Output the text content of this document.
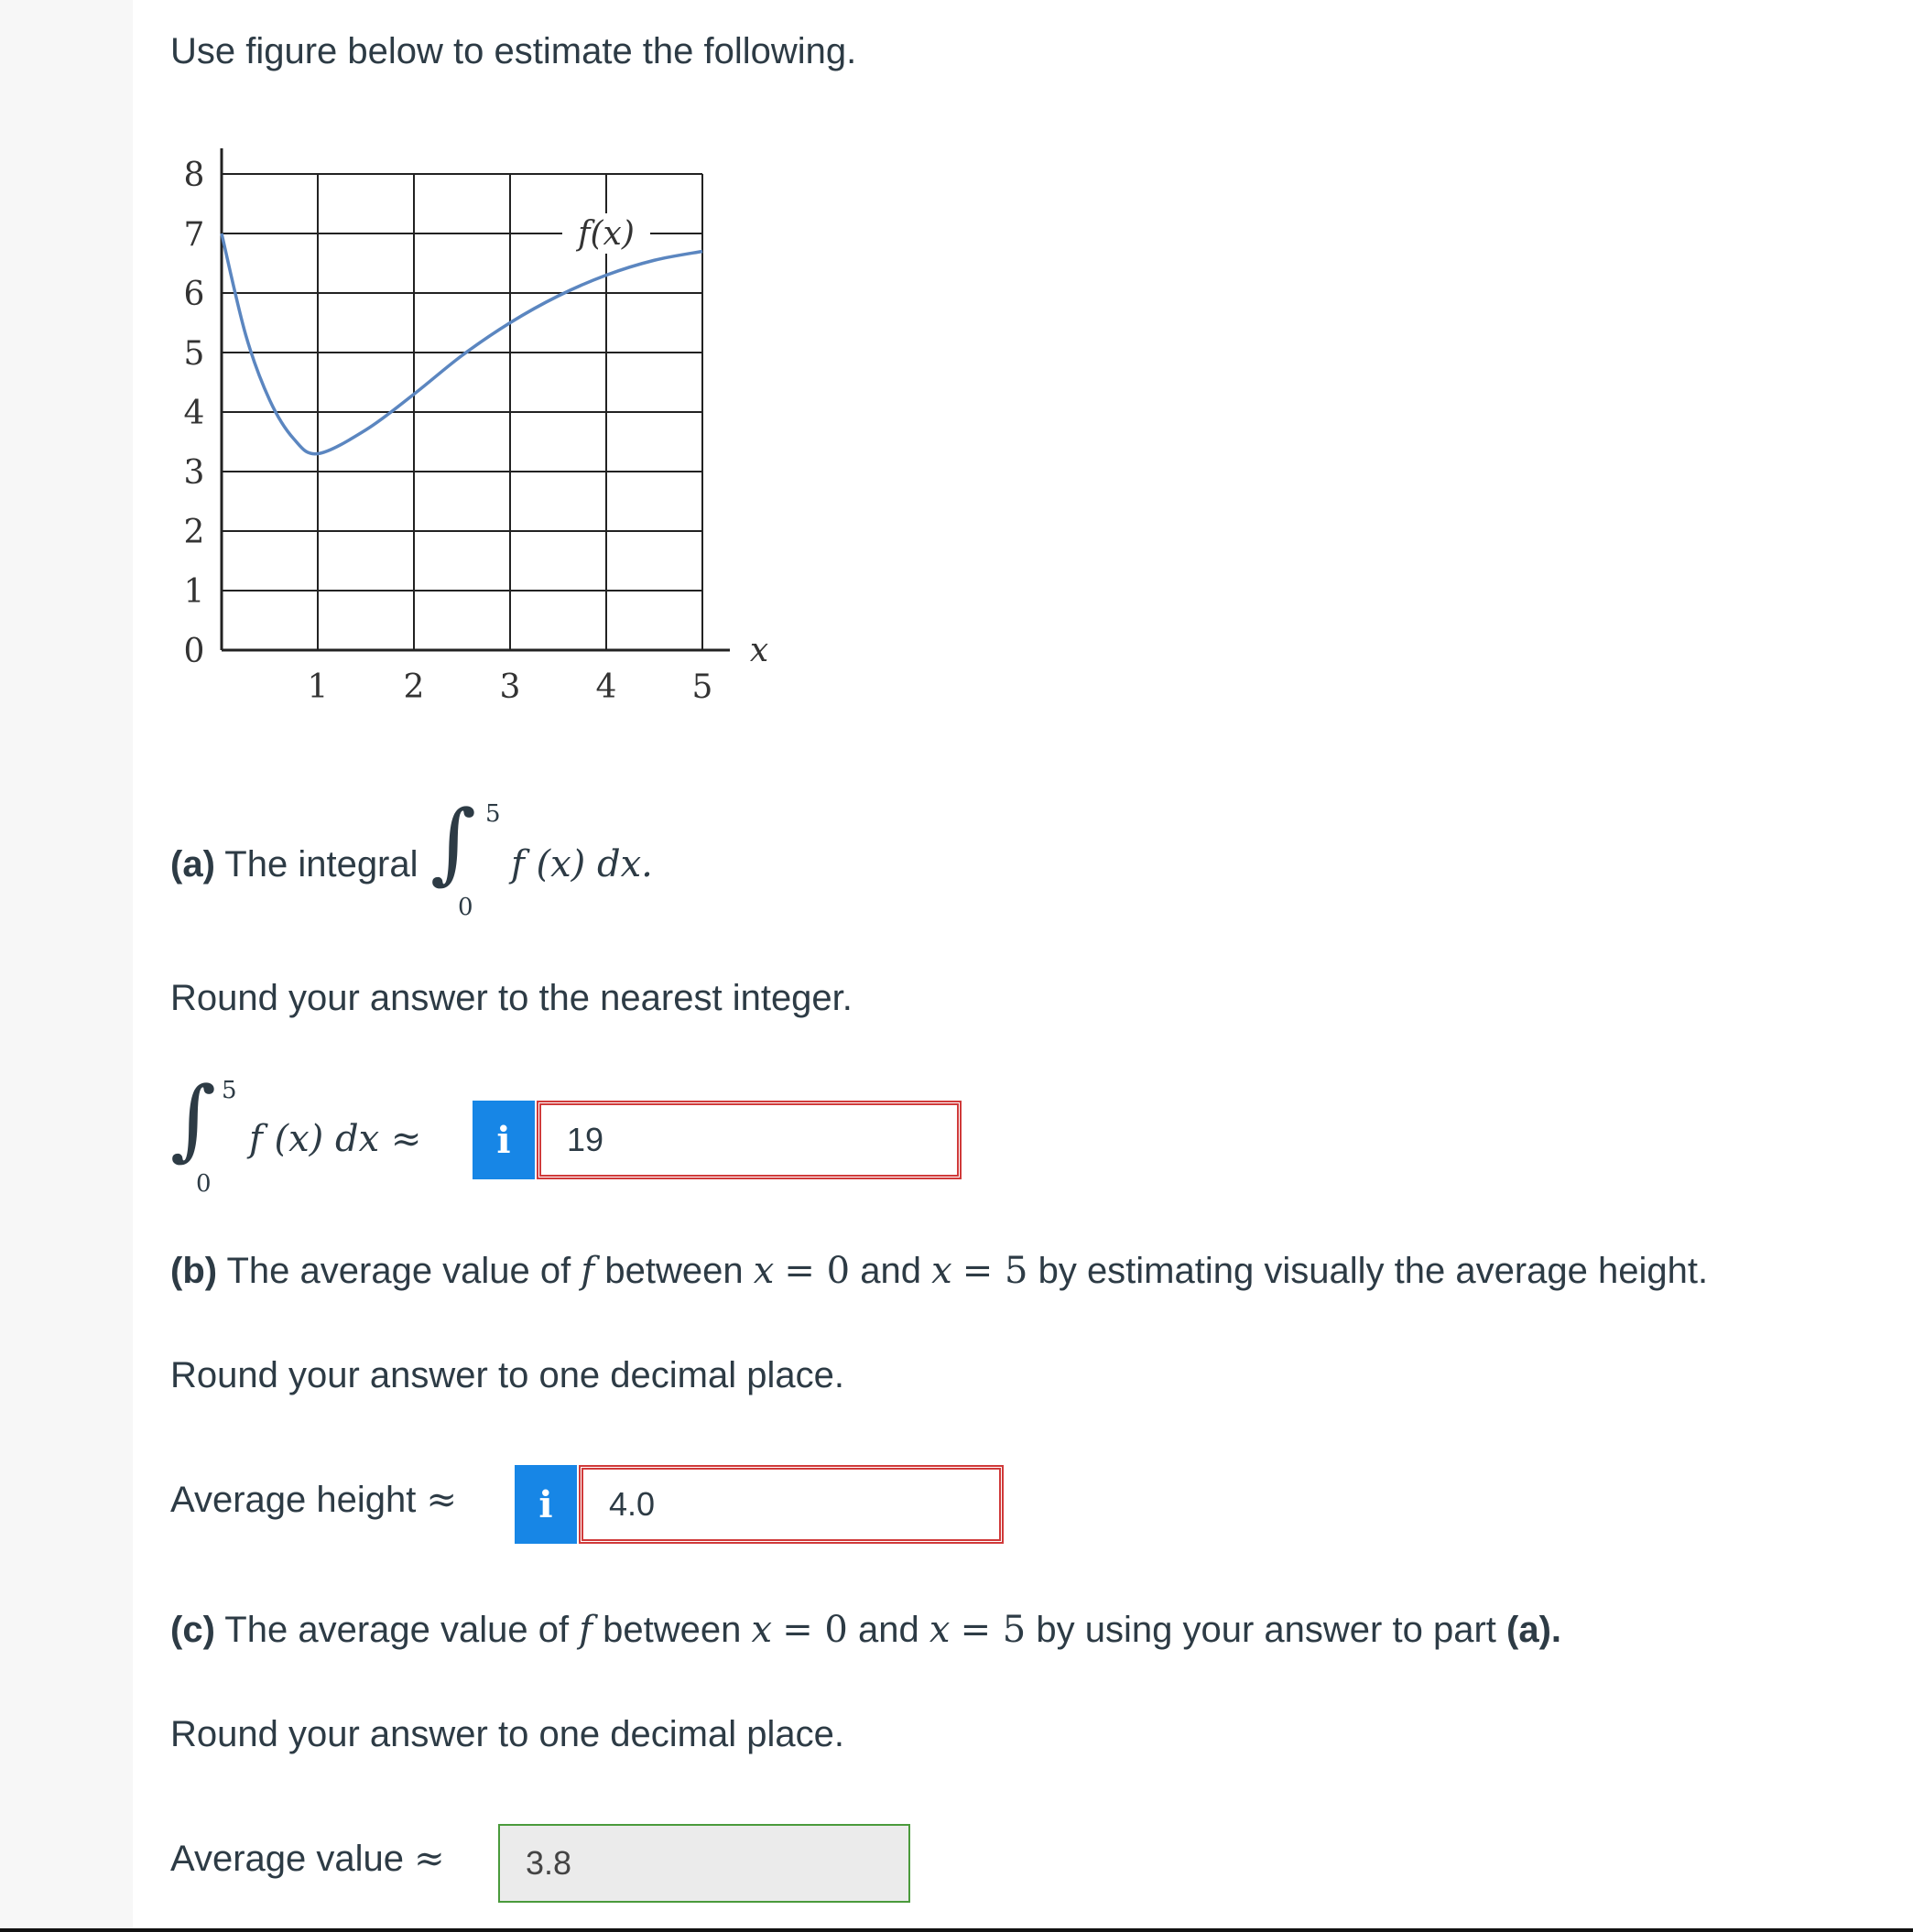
Use figure below to estimate the following.
0
1
2
3
4
5
6
7
8
1 2 3 4 5
x
f(x)
(a) The integral ∫ 5
0
f (x) dx.
Round your answer to the nearest integer.
∫ 5
0
f (x) dx ≈	i	19
(b) The average value of f between x = 0 and x = 5 by estimating visually the average height.
Round your answer to one decimal place.
Average height ≈	i	4.0
(c) The average value of f between x = 0 and x = 5 by using your answer to part (a).
Round your answer to one decimal place.
Average value ≈	3.8
